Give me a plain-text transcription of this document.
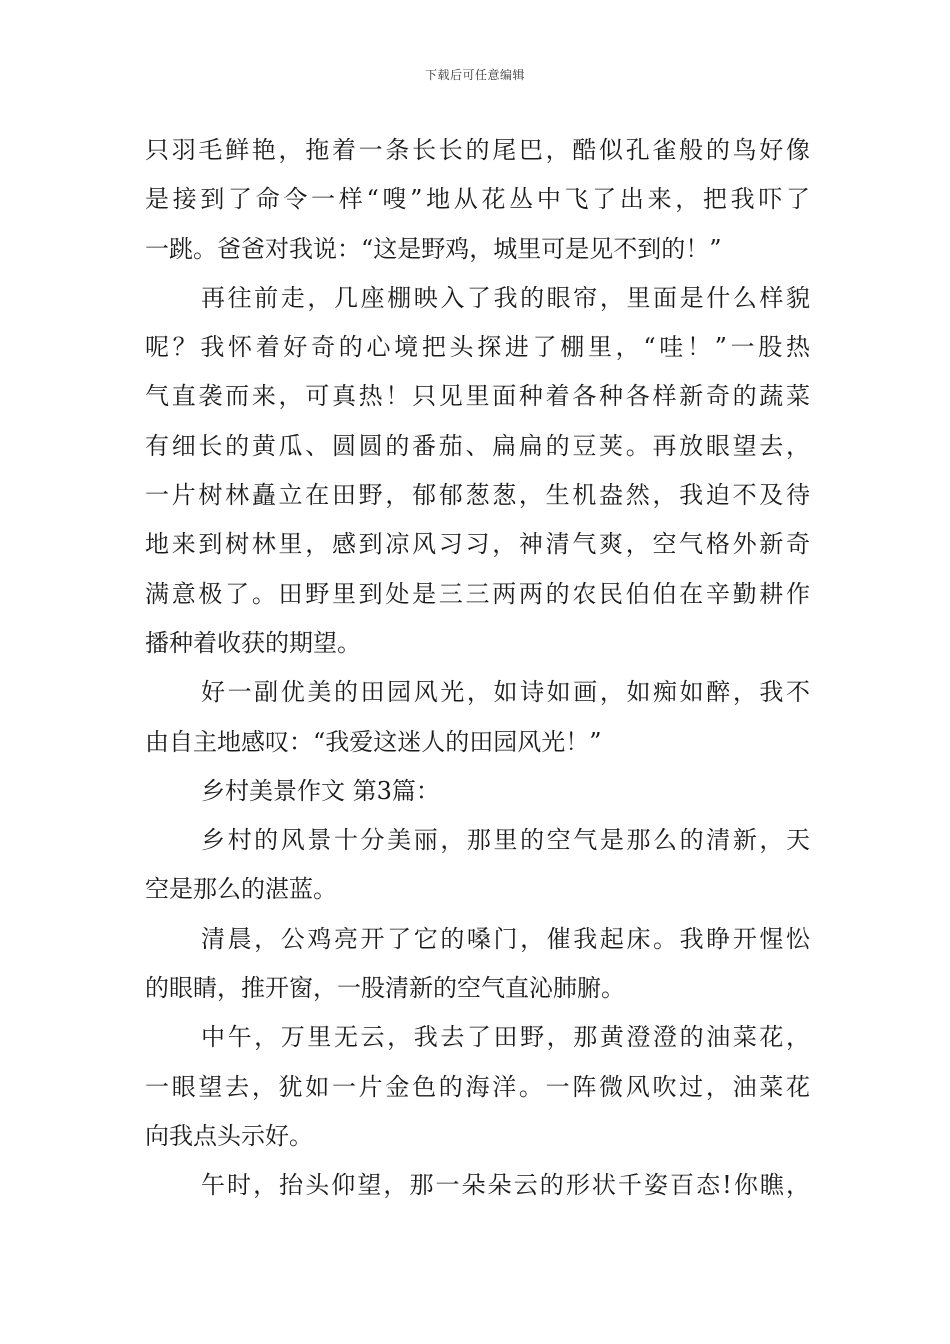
下载后可任意编辑
只羽毛鲜艳，拖着一条长长的尾巴，酷似孔雀般的鸟好像
是接到了命令一样“嗖”地从花丛中飞了出来，把我吓了
一跳。爸爸对我说：“这是野鸡，城里可是见不到的！”
再往前走，几座棚映入了我的眼帘，里面是什么样貌
呢？我怀着好奇的心境把头探进了棚里，“哇！”一股热
气直袭而来，可真热！只见里面种着各种各样新奇的蔬菜
有细长的黄瓜、圆圆的番茄、扁扁的豆荚。再放眼望去，
一片树林矗立在田野，郁郁葱葱，生机盎然，我迫不及待
地来到树林里，感到凉风习习，神清气爽，空气格外新奇
满意极了。田野里到处是三三两两的农民伯伯在辛勤耕作
播种着收获的期望。
好一副优美的田园风光，如诗如画，如痴如醉，我不
由自主地感叹：“我爱这迷人的田园风光！”
乡村美景作文 第3篇：
乡村的风景十分美丽，那里的空气是那么的清新，天
空是那么的湛蓝。
清晨，公鸡亮开了它的嗓门，催我起床。我睁开惺忪
的眼睛，推开窗，一股清新的空气直沁肺腑。
中午，万里无云，我去了田野，那黄澄澄的油菜花，
一眼望去，犹如一片金色的海洋。一阵微风吹过，油菜花
向我点头示好。
午时，抬头仰望，那一朵朵云的形状千姿百态!你瞧，
